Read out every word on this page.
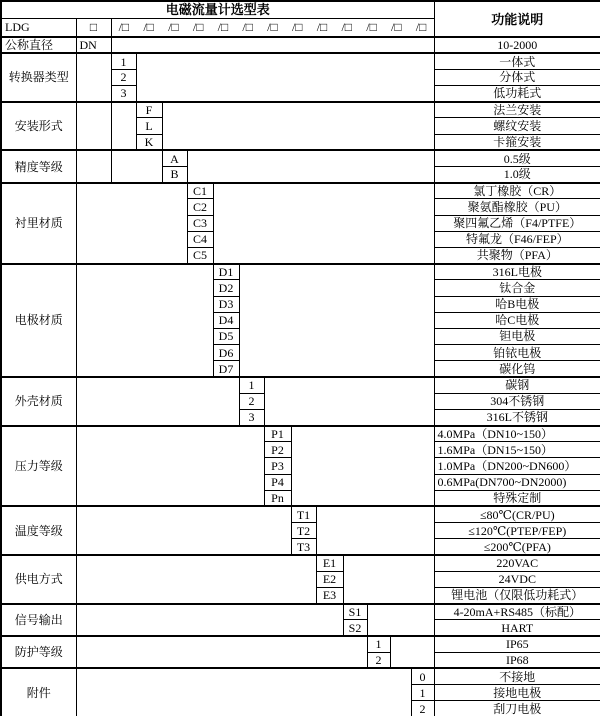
电磁流量计选型表															功能说明
LDG	□	/□	/□	/□	/□	/□	/□	/□	/□	/□	/□	/□	/□	/□

公称直径	DN														10-2000
转换器类型		1													一体式
		2													分体式
		3													低功耗式
安装形式			F												法兰安装
			L												螺纹安装
			K												卡箍安装
精度等级				A											0.5级
				B											1.0级
衬里材质					C1										氯丁橡胶（CR）
					C2										聚氨酯橡胶（PU）
					C3										聚四氟乙烯（F4/PTFE）
					C4										特氟龙（F46/FEP）
					C5										共聚物（PFA）
电极材质						D1									316L电极
						D2									钛合金
						D3									哈B电极
						D4									哈C电极
						D5									钽电极
						D6									铂铱电极
						D7									碳化钨
外壳材质							1								碳钢
							2								304不锈钢
							3								316L不锈钢
压力等级								P1							4.0MPa（DN10~150）
								P2							1.6MPa（DN15~150）
								P3							1.0MPa（DN200~DN600）
								P4							0.6MPa(DN700~DN2000)
								Pn							特殊定制
温度等级									T1						≤80℃(CR/PU)
									T2						≤120℃(PTEP/FEP)
									T3						≤200℃(PFA)
供电方式										E1					220VAC
										E2					24VDC
										E3					锂电池（仅限低功耗式）
信号输出											S1				4-20mA+RS485（标配）
											S2				HART
防护等级												1			IP65
												2			IP68
附件														0	不接地
														1	接地电极
														2	刮刀电极
